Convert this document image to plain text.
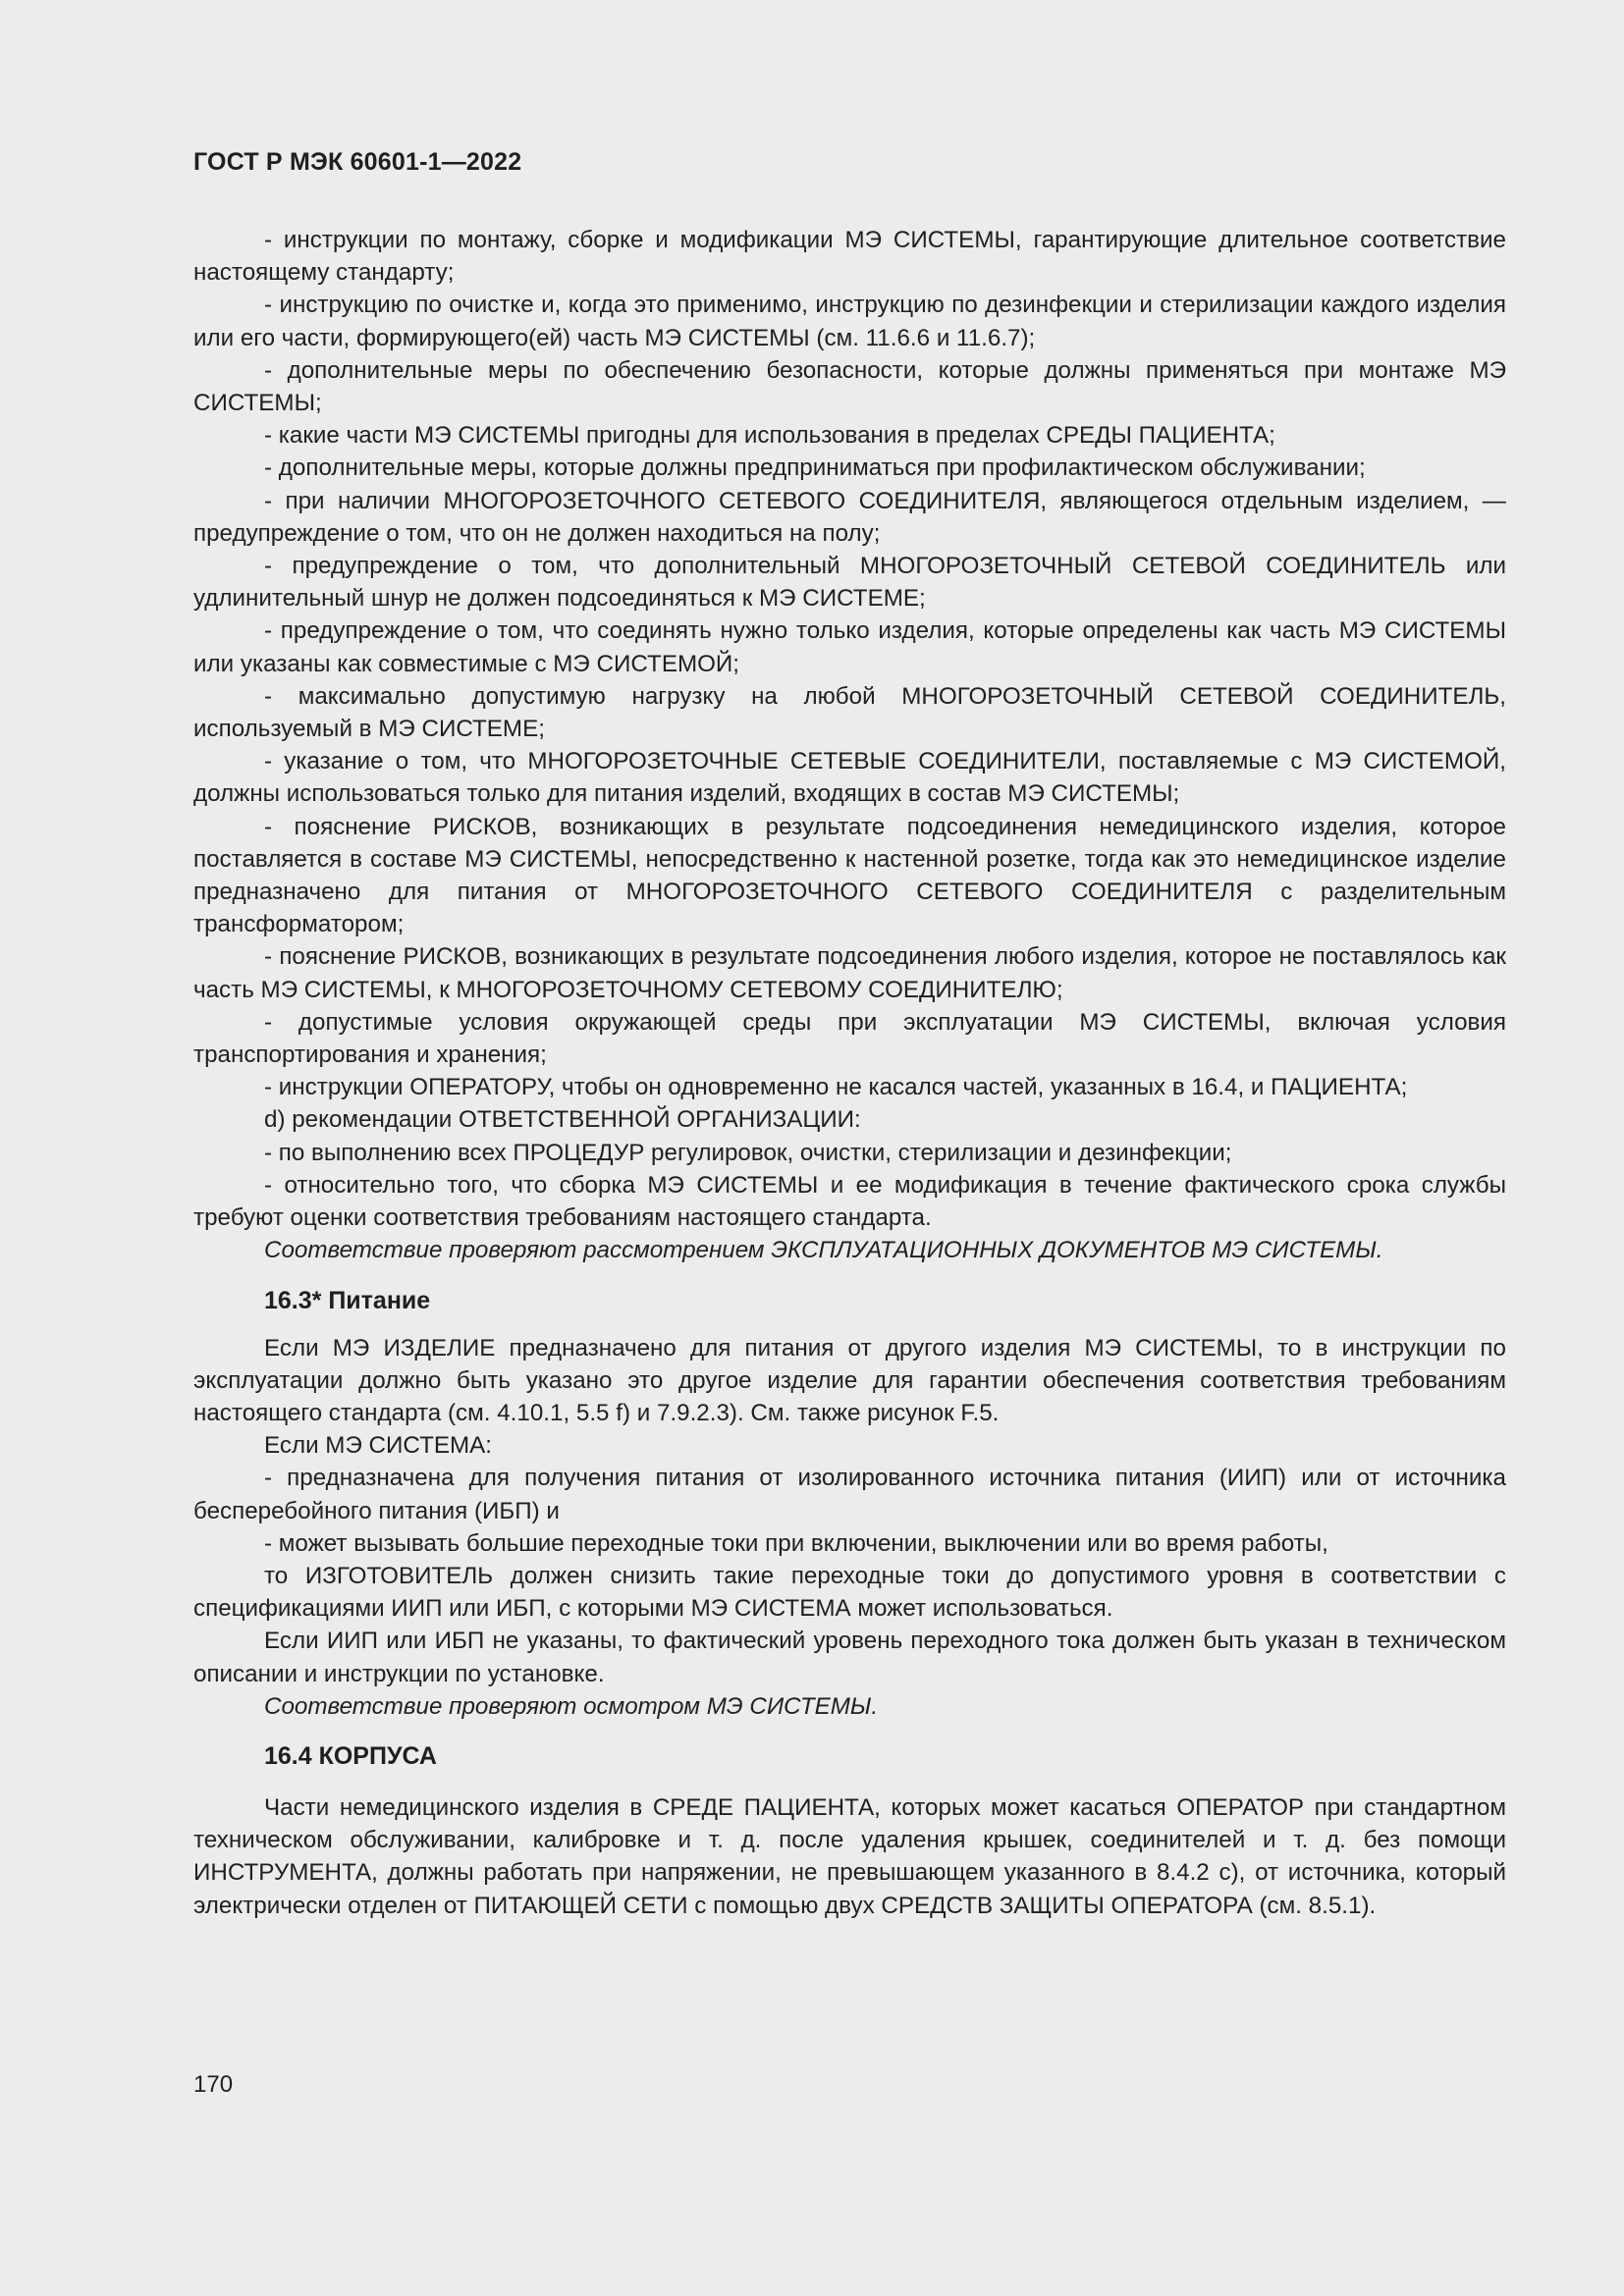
ГОСТ Р МЭК 60601-1—2022

- инструкции по монтажу, сборке и модификации МЭ СИСТЕМЫ, гарантирующие длительное соответствие настоящему стандарту;

- инструкцию по очистке и, когда это применимо, инструкцию по дезинфекции и стерилизации каждого изделия или его части, формирующего(ей) часть МЭ СИСТЕМЫ (см. 11.6.6 и 11.6.7);

- дополнительные меры по обеспечению безопасности, которые должны применяться при монтаже МЭ СИСТЕМЫ;

- какие части МЭ СИСТЕМЫ пригодны для использования в пределах СРЕДЫ ПАЦИЕНТА;

- дополнительные меры, которые должны предприниматься при профилактическом обслуживании;

- при наличии МНОГОРОЗЕТОЧНОГО СЕТЕВОГО СОЕДИНИТЕЛЯ, являющегося отдельным изделием, — предупреждение о том, что он не должен находиться на полу;

- предупреждение о том, что дополнительный МНОГОРОЗЕТОЧНЫЙ СЕТЕВОЙ СОЕДИНИТЕЛЬ или удлинительный шнур не должен подсоединяться к МЭ СИСТЕМЕ;

- предупреждение о том, что соединять нужно только изделия, которые определены как часть МЭ СИСТЕМЫ или указаны как совместимые с МЭ СИСТЕМОЙ;

- максимально допустимую нагрузку на любой МНОГОРОЗЕТОЧНЫЙ СЕТЕВОЙ СОЕДИНИТЕЛЬ, используемый в МЭ СИСТЕМЕ;

- указание о том, что МНОГОРОЗЕТОЧНЫЕ СЕТЕВЫЕ СОЕДИНИТЕЛИ, поставляемые с МЭ СИСТЕМОЙ, должны использоваться только для питания изделий, входящих в состав МЭ СИСТЕМЫ;

- пояснение РИСКОВ, возникающих в результате подсоединения немедицинского изделия, которое поставляется в составе МЭ СИСТЕМЫ, непосредственно к настенной розетке, тогда как это немедицинское изделие предназначено для питания от МНОГОРОЗЕТОЧНОГО СЕТЕВОГО СОЕДИНИТЕЛЯ с разделительным трансформатором;

- пояснение РИСКОВ, возникающих в результате подсоединения любого изделия, которое не поставлялось как часть МЭ СИСТЕМЫ, к МНОГОРОЗЕТОЧНОМУ СЕТЕВОМУ СОЕДИНИТЕЛЮ;

- допустимые условия окружающей среды при эксплуатации МЭ СИСТЕМЫ, включая условия транспортирования и хранения;

- инструкции ОПЕРАТОРУ, чтобы он одновременно не касался частей, указанных в 16.4, и ПАЦИЕНТА;

d) рекомендации ОТВЕТСТВЕННОЙ ОРГАНИЗАЦИИ:

- по выполнению всех ПРОЦЕДУР регулировок, очистки, стерилизации и дезинфекции;

- относительно того, что сборка МЭ СИСТЕМЫ и ее модификация в течение фактического срока службы требуют оценки соответствия требованиям настоящего стандарта.

Соответствие проверяют рассмотрением ЭКСПЛУАТАЦИОННЫХ ДОКУМЕНТОВ МЭ СИСТЕМЫ.

16.3* Питание

Если МЭ ИЗДЕЛИЕ предназначено для питания от другого изделия МЭ СИСТЕМЫ, то в инструкции по эксплуатации должно быть указано это другое изделие для гарантии обеспечения соответствия требованиям настоящего стандарта (см. 4.10.1, 5.5 f) и 7.9.2.3). См. также рисунок F.5.

Если МЭ СИСТЕМА:

- предназначена для получения питания от изолированного источника питания (ИИП) или от источника бесперебойного питания (ИБП) и

- может вызывать большие переходные токи при включении, выключении или во время работы,

то ИЗГОТОВИТЕЛЬ должен снизить такие переходные токи до допустимого уровня в соответствии с спецификациями ИИП или ИБП, с которыми МЭ СИСТЕМА может использоваться.

Если ИИП или ИБП не указаны, то фактический уровень переходного тока должен быть указан в техническом описании и инструкции по установке.

Соответствие проверяют осмотром МЭ СИСТЕМЫ.

16.4 КОРПУСА

Части немедицинского изделия в СРЕДЕ ПАЦИЕНТА, которых может касаться ОПЕРАТОР при стандартном техническом обслуживании, калибровке и т. д. после удаления крышек, соединителей и т. д. без помощи ИНСТРУМЕНТА, должны работать при напряжении, не превышающем указанного в 8.4.2 c), от источника, который электрически отделен от ПИТАЮЩЕЙ СЕТИ с помощью двух СРЕДСТВ ЗАЩИТЫ ОПЕРАТОРА (см. 8.5.1).

170
